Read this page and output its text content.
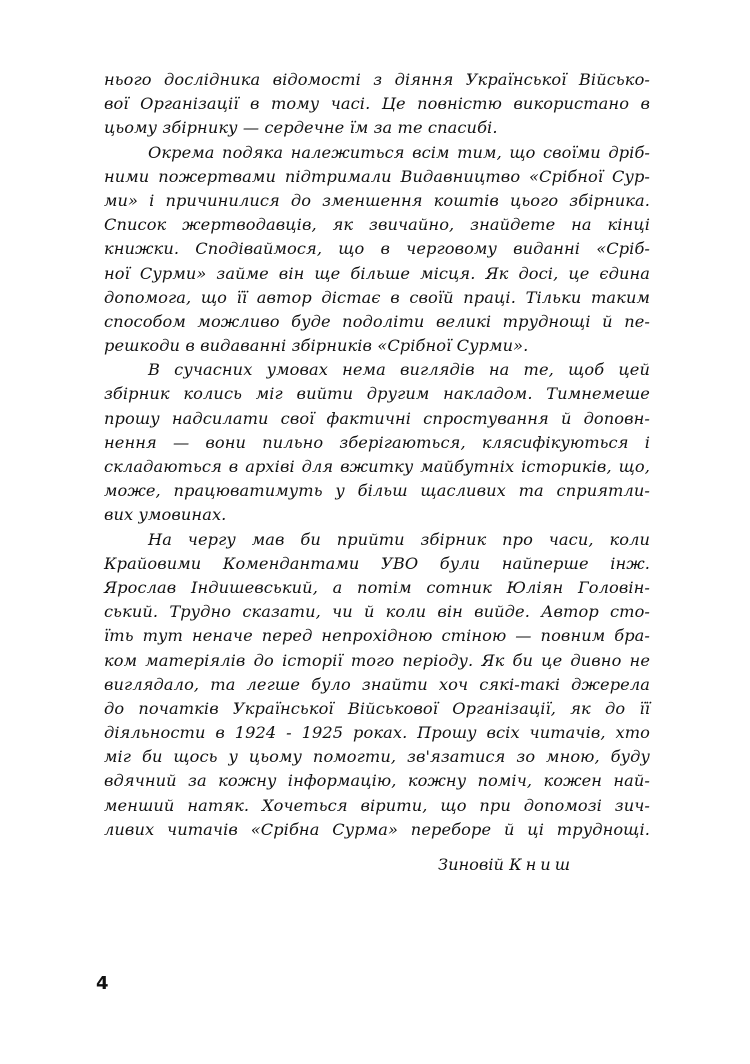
нього дослідника відомості з діяння Української Військо-
вої Організації в тому часі. Це повністю використано в
цьому збірнику — сердечне їм за те спасибі.
Окрема подяка належиться всім тим, що своїми дріб-
ними пожертвами підтримали Видавництво «Срібної Сур-
ми» і причинилися до зменшення коштів цього збірника.
Список жертводавців, як звичайно, знайдете на кінці
книжки. Сподіваймося, що в черговому виданні «Срiб-
ної Сурми» займе він ще більше місця. Як досі, це єдина
допомога, що її автор дістає в своїй праці. Тільки таким
способом можливо буде подолiти великі труднощі й пе-
решкоди в видаванні збірників «Срібної Сурми».
В сучасних умовах нема виглядів на те, щоб цей
збірник колись міг вийти другим накладом. Тимнемеше
прошу надсилати свої фактичні спростування й доповн-
нення — вони пильно зберігаються, клясифікуються і
складаються в архіві для вжитку майбутніх істориків, що,
може, працюватимуть у більш щасливих та сприятли-
вих умовинах.
На чергу мав би прийти збірник про часи, коли
Крайовими Комендантами УВО були найперше інж.
Ярослав Індишевський, а потім сотник Юліян Головін-
ський. Трудно сказати, чи й коли він вийде. Автор сто-
їть тут неначе перед непрохідною стіною — повним бра-
ком матеріялів до історії того періоду. Як би це дивно не
виглядало, та легше було знайти хоч сякі-такі джерела
до початків Української Військової Організації, як до її
діяльности в 1924 - 1925 роках. Прошу всіх читачів, хто
міг би щось у цьому помогти, зв'язатися зо мною, буду
вдячний за кожну інформацію, кожну поміч, кожен най-
менший натяк. Хочеться вірити, що при допомозі зич-
ливих читачів «Срібна Сурма» переборе й ці труднощі.
Зиновій Книш
4
